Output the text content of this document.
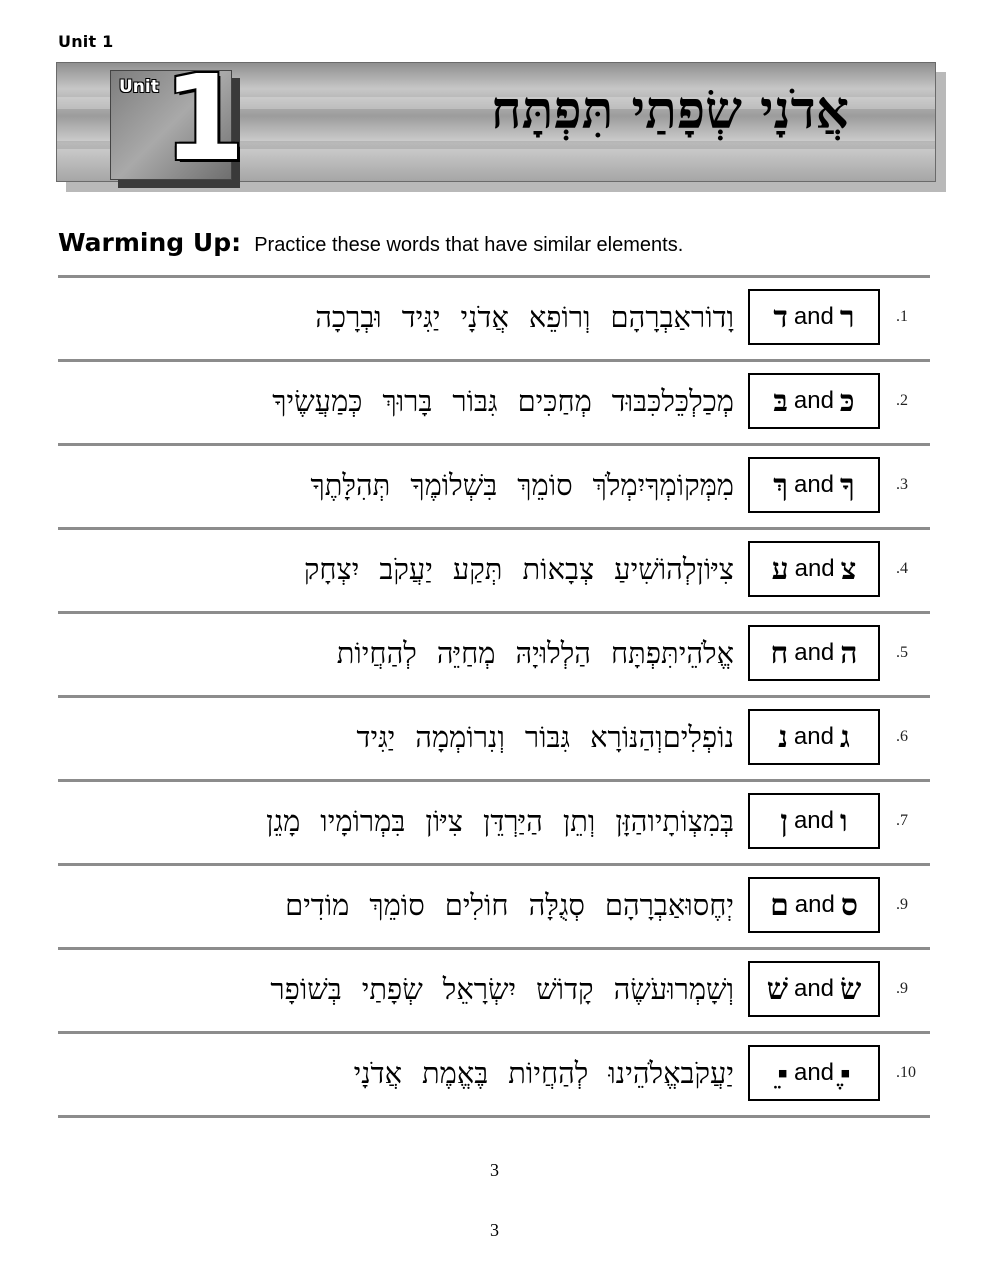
Unit 1
Unit 1	אֲדֹנָי שְׂפָתַי תִּפְתָּח
Warming Up: Practice these words that have similar elements.
וּבְרָכָה יַגִּיד אֲדֹנָי וְרוֹפֵא אַבְרָהָם וָדוֹר ד and ר	.1
כְּמַעֲשֶׂיךָ בָּרוּךְ גִּבּוֹר מְחַכִּים כִּבּוּד מְכַלְכֵּל בּ and כּ	.2
תְּהִלָּתֶךָ בִּשְׁלוֹמֶךָ סוֹמֵךְ יִמְלֹךְ מִמְּקוֹמְךָ ךְ and ךָ	.3
יִצְחָק יַעֲקֹב תְּקַע צְבָאוֹת לְהוֹשִׁיעַ צִיּוֹן ע and צ .4
לְהַחֲיוֹת מְחַיֵּה הַלְלוּיָהּ תִּפְתָּח אֱלֹהֵי ח and ה .5
יַגִּיד וְנִרוֹמְמָה גִּבּוֹר וְהַנּוֹרָא נוֹפְלִים נ and ג	.6
מָגֵן בִּמְרוֹמָיו צִיּוֹן הַיַּרְדֵּן וְתֵן הַזָּן בְּמִצְוֹתָיו ן and ו	.7
מוֹדִים סוֹמֵךְ חוֹלִים סְגֻלָּה אַבְרָהָם יְחֶסוּ ם and ס .9
בְּשׁוֹפָר שְׂפָתַי יִשְׂרָאֵל קָדוֹשׁ עֹשֶׂה וְשָׁמְרוּ שׁ and שׂ .9
אֲדֹנָי בֶּאֱמֶת לְהַחֲיוֹת אֱלֹהֵינוּ יַעֲקֹב ▪ֵ and ▪ֶ	.10
3
3
